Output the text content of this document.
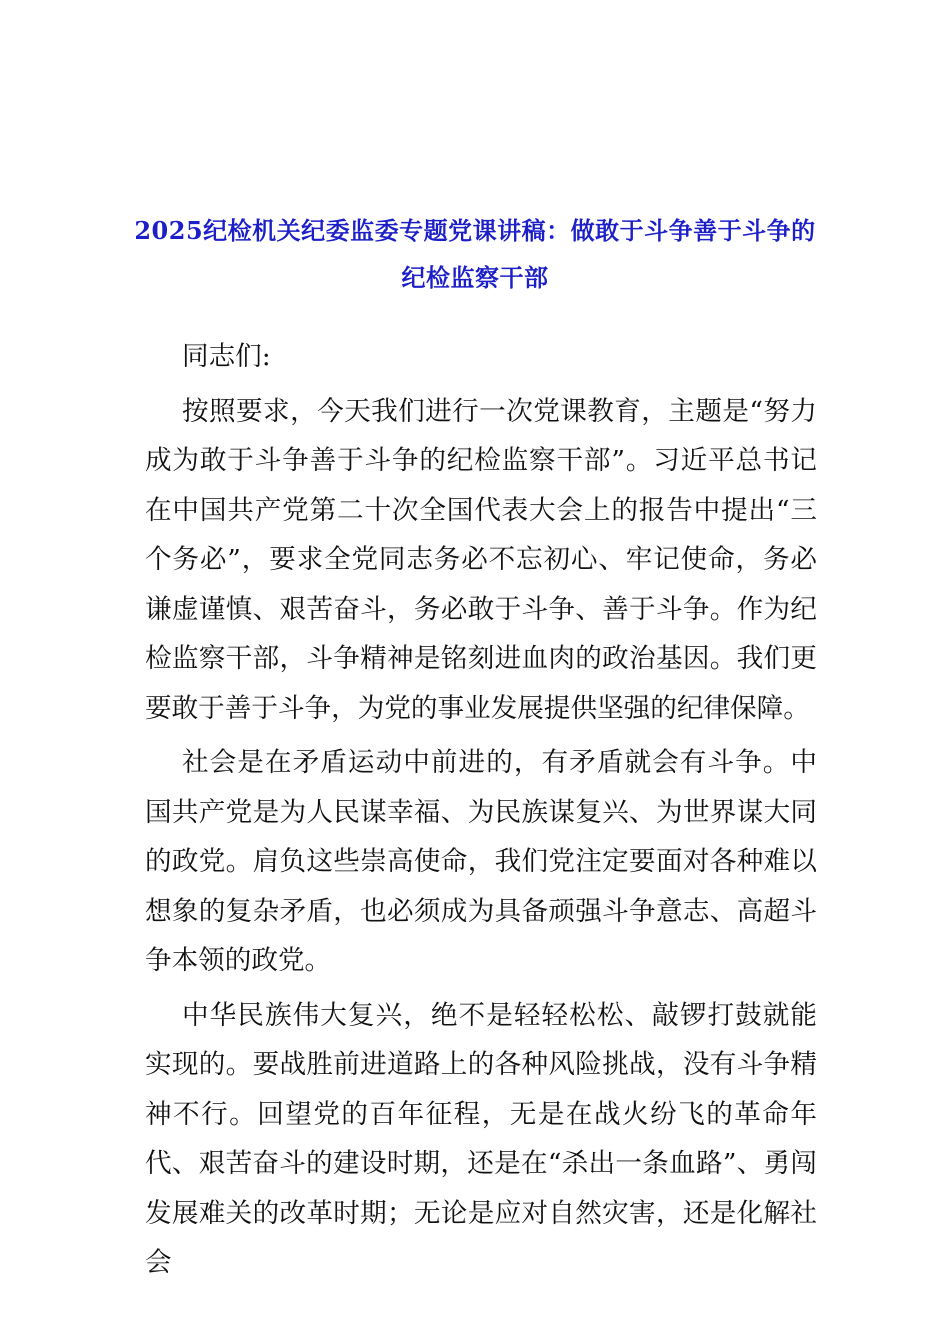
2025纪检机关纪委监委专题党课讲稿：做敢于斗争善于斗争的纪检监察干部

同志们:

按照要求，今天我们进行一次党课教育，主题是“努力成为敢于斗争善于斗争的纪检监察干部”。习近平总书记在中国共产党第二十次全国代表大会上的报告中提出“三个务必”，要求全党同志务必不忘初心、牢记使命，务必谦虚谨慎、艰苦奋斗，务必敢于斗争、善于斗争。作为纪检监察干部，斗争精神是铭刻进血肉的政治基因。我们更要敢于善于斗争，为党的事业发展提供坚强的纪律保障。

社会是在矛盾运动中前进的，有矛盾就会有斗争。中国共产党是为人民谋幸福、为民族谋复兴、为世界谋大同的政党。肩负这些崇高使命，我们党注定要面对各种难以想象的复杂矛盾，也必须成为具备顽强斗争意志、高超斗争本领的政党。

中华民族伟大复兴，绝不是轻轻松松、敲锣打鼓就能实现的。要战胜前进道路上的各种风险挑战，没有斗争精神不行。回望党的百年征程，无是在战火纷飞的革命年代、艰苦奋斗的建设时期，还是在“杀出一条血路”、勇闯发展难关的改革时期；无论是应对自然灾害，还是化解社会
